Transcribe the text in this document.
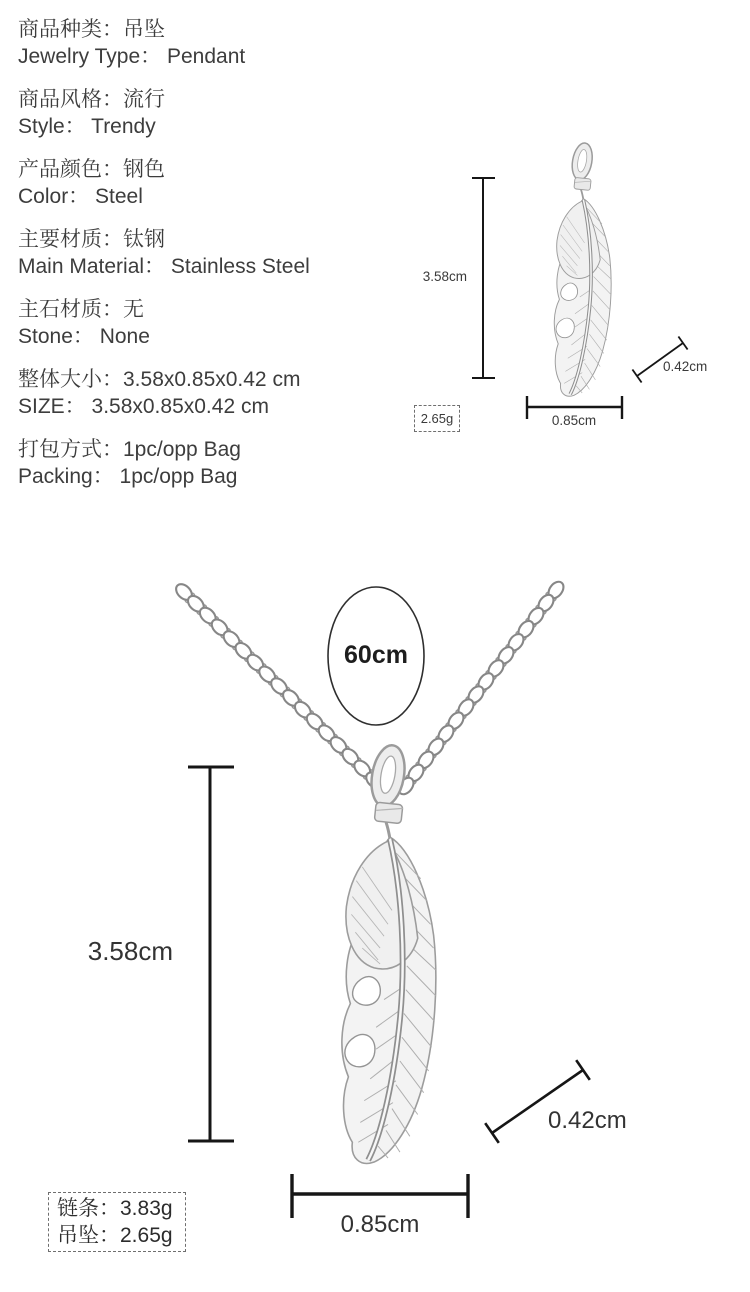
商品种类：吊坠
Jewelry Type： Pendant
商品风格：流行
Style： Trendy
产品颜色：钢色
Color： Steel
主要材质：钛钢
Main Material： Stainless Steel
主石材质：无
Stone： None
整体大小：3.58x0.85x0.42 cm
SIZE： 3.58x0.85x0.42 cm
打包方式：1pc/opp Bag
Packing： 1pc/opp Bag
3.58cm
0.85cm
0.42cm
2.65g
60cm
3.58cm
0.85cm
0.42cm
链条：3.83g
吊坠：2.65g
